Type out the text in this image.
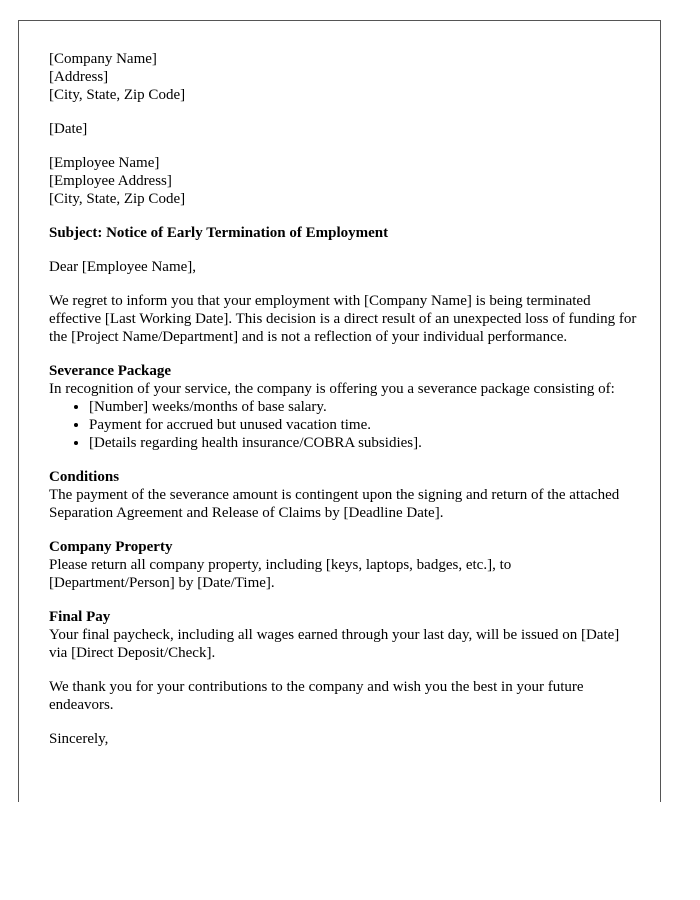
[Company Name]
[Address]
[City, State, Zip Code]
[Date]
[Employee Name]
[Employee Address]
[City, State, Zip Code]
Subject: Notice of Early Termination of Employment
Dear [Employee Name],

We regret to inform you that your employment with [Company Name] is being terminated effective [Last Working Date]. This decision is a direct result of an unexpected loss of funding for the [Project Name/Department] and is not a reflection of your individual performance.

Severance Package
In recognition of your service, the company is offering you a severance package consisting of:
• [Number] weeks/months of base salary.
• Payment for accrued but unused vacation time.
• [Details regarding health insurance/COBRA subsidies].
Conditions
The payment of the severance amount is contingent upon the signing and return of the attached Separation Agreement and Release of Claims by [Deadline Date].
Company Property
Please return all company property, including [keys, laptops, badges, etc.], to [Department/Person] by [Date/Time].
Final Pay
Your final paycheck, including all wages earned through your last day, will be issued on [Date] via [Direct Deposit/Check].

We thank you for your contributions to the company and wish you the best in your future endeavors.

Sincerely,
